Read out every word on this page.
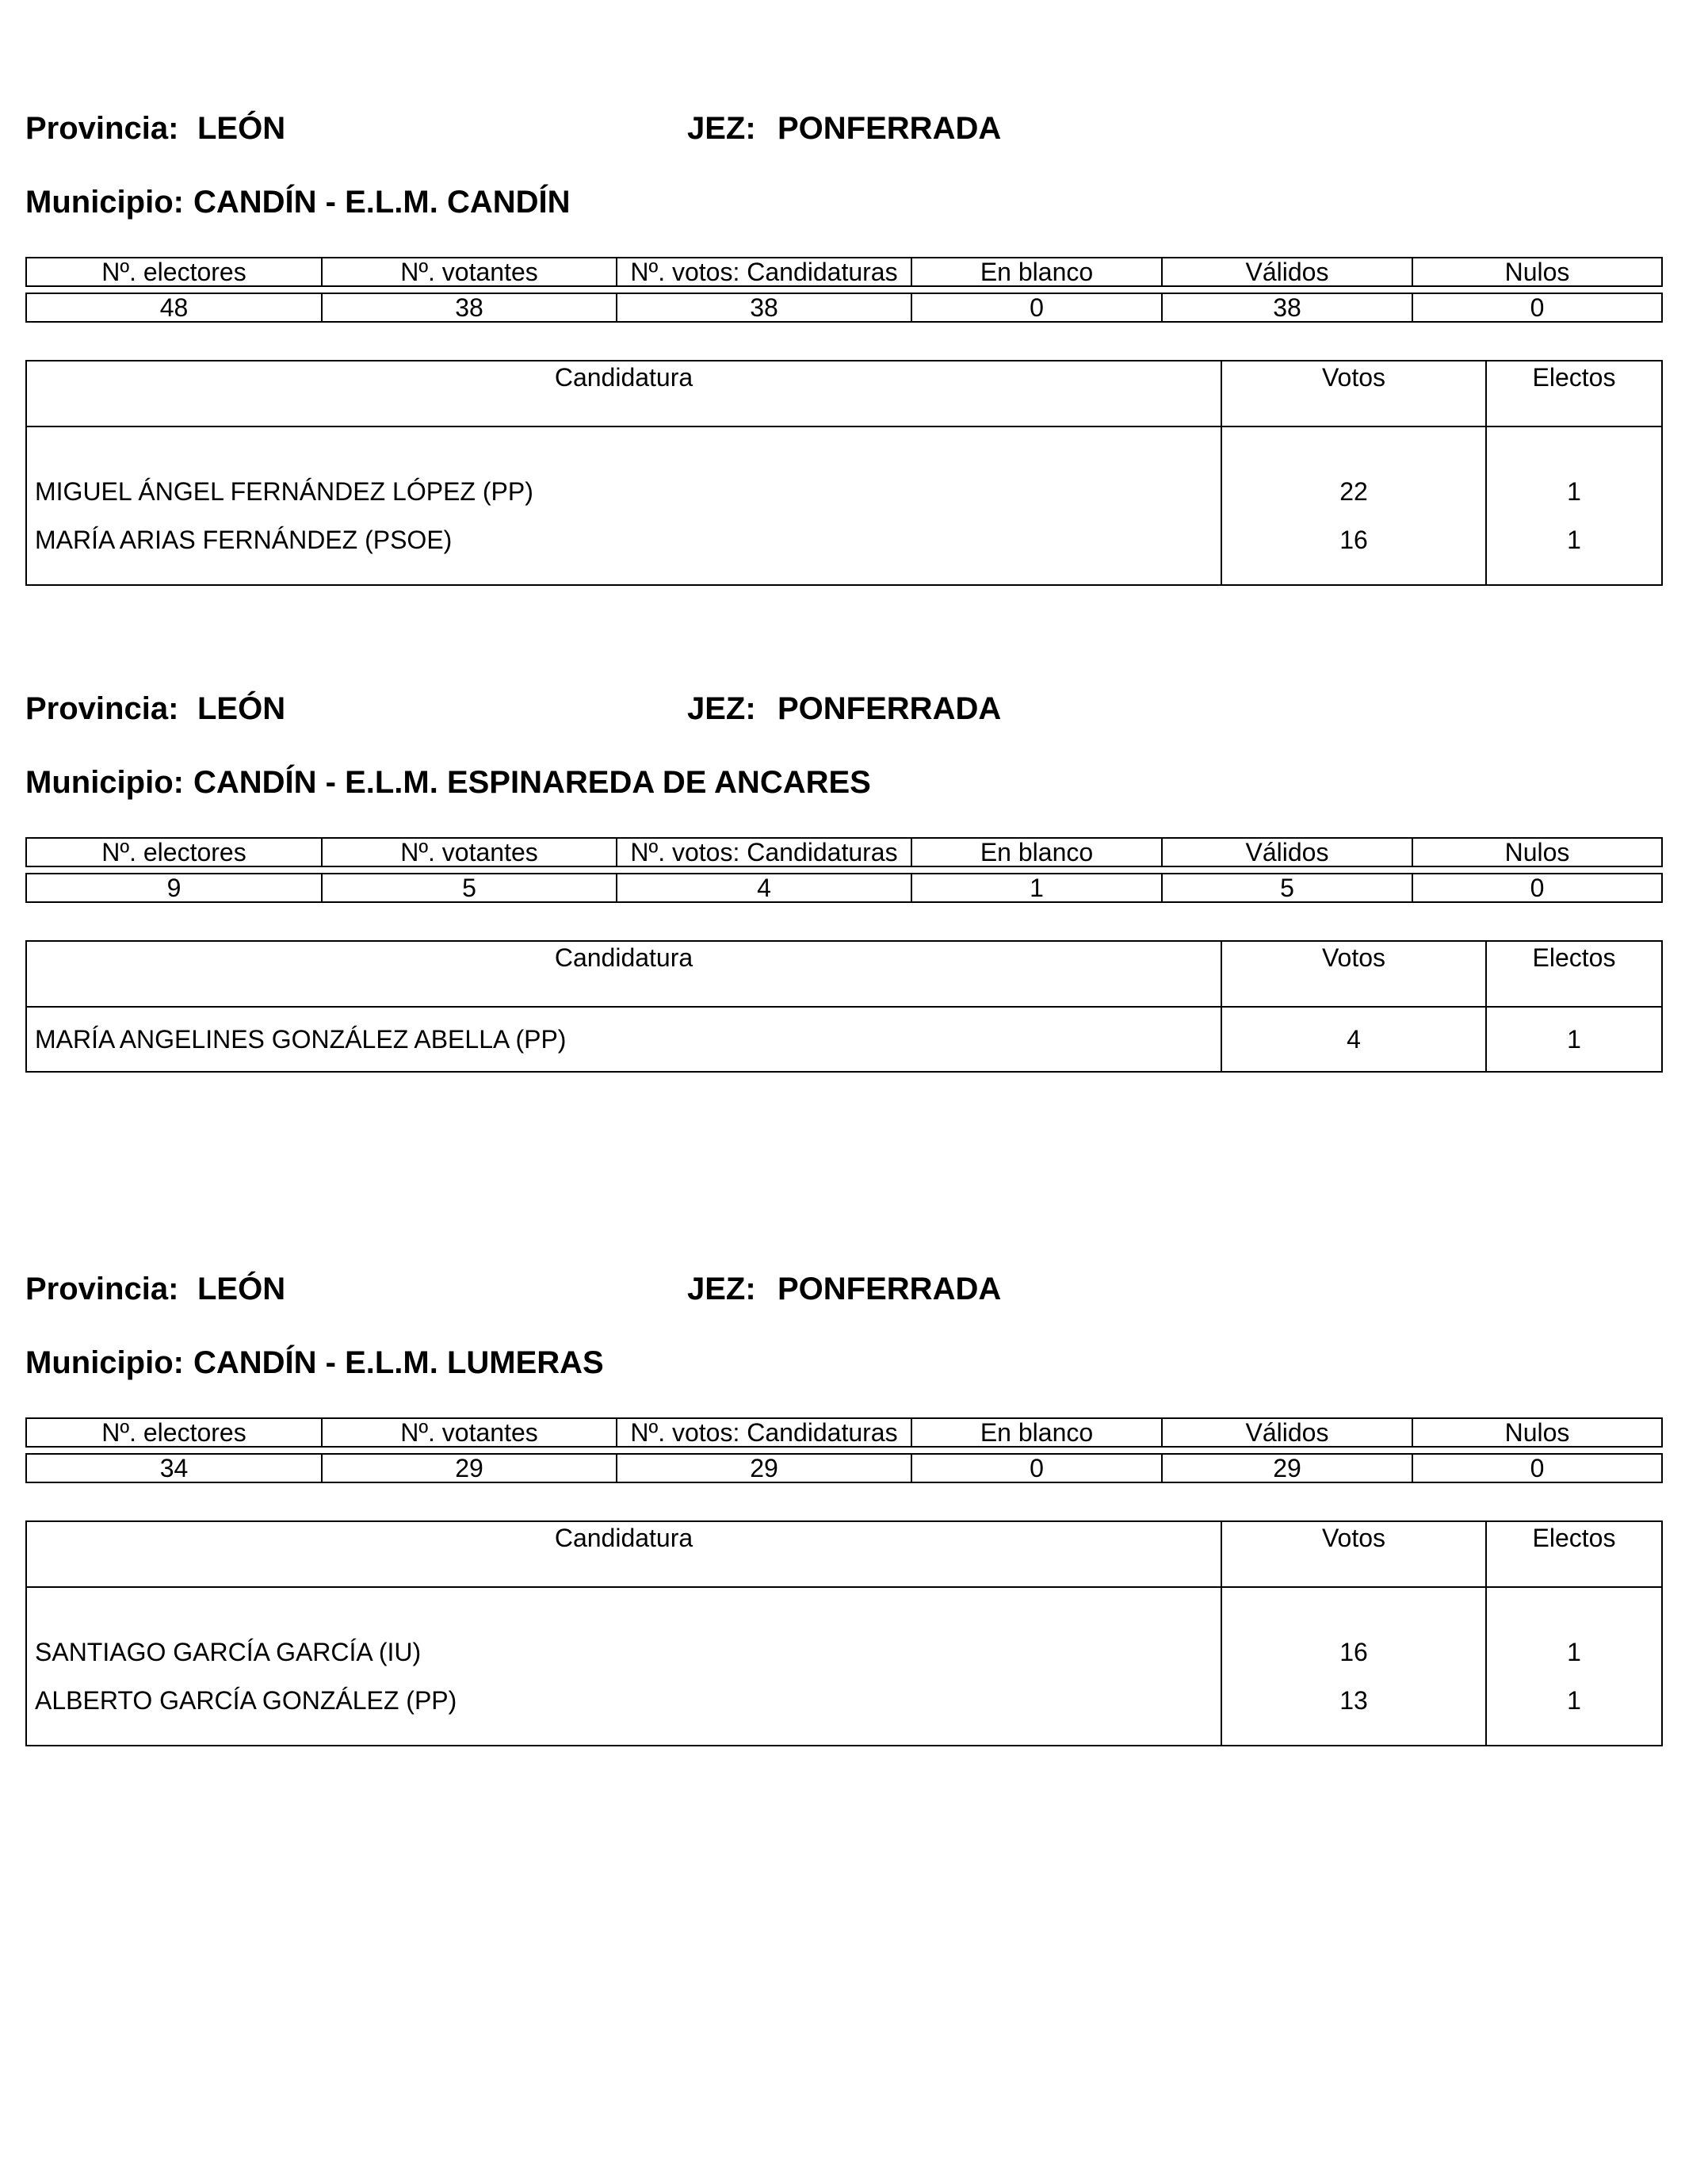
Provincia: LEÓN	JEZ: PONFERRADA
Municipio: CANDÍN - E.L.M. CANDÍN
Nº. electores	Nº. votantes	Nº. votos: Candidaturas	En blanco	Válidos	Nulos

48	38	38	0	38	0
Candidatura	Votos	Electos
MIGUEL ÁNGEL FERNÁNDEZ LÓPEZ (PP)	22	1
MARÍA ARIAS FERNÁNDEZ (PSOE)	16	1
Provincia: LEÓN	JEZ: PONFERRADA
Municipio: CANDÍN - E.L.M. ESPINAREDA DE ANCARES
Nº. electores	Nº. votantes	Nº. votos: Candidaturas	En blanco	Válidos	Nulos

9	5	4	1	5	0
Candidatura	Votos	Electos
MARÍA ANGELINES GONZÁLEZ ABELLA (PP)	4	1
Provincia: LEÓN	JEZ: PONFERRADA
Municipio: CANDÍN - E.L.M. LUMERAS
Nº. electores	Nº. votantes	Nº. votos: Candidaturas	En blanco	Válidos	Nulos

34	29	29	0	29	0
Candidatura	Votos	Electos
SANTIAGO GARCÍA GARCÍA (IU)	16	1
ALBERTO GARCÍA GONZÁLEZ (PP)	13	1
